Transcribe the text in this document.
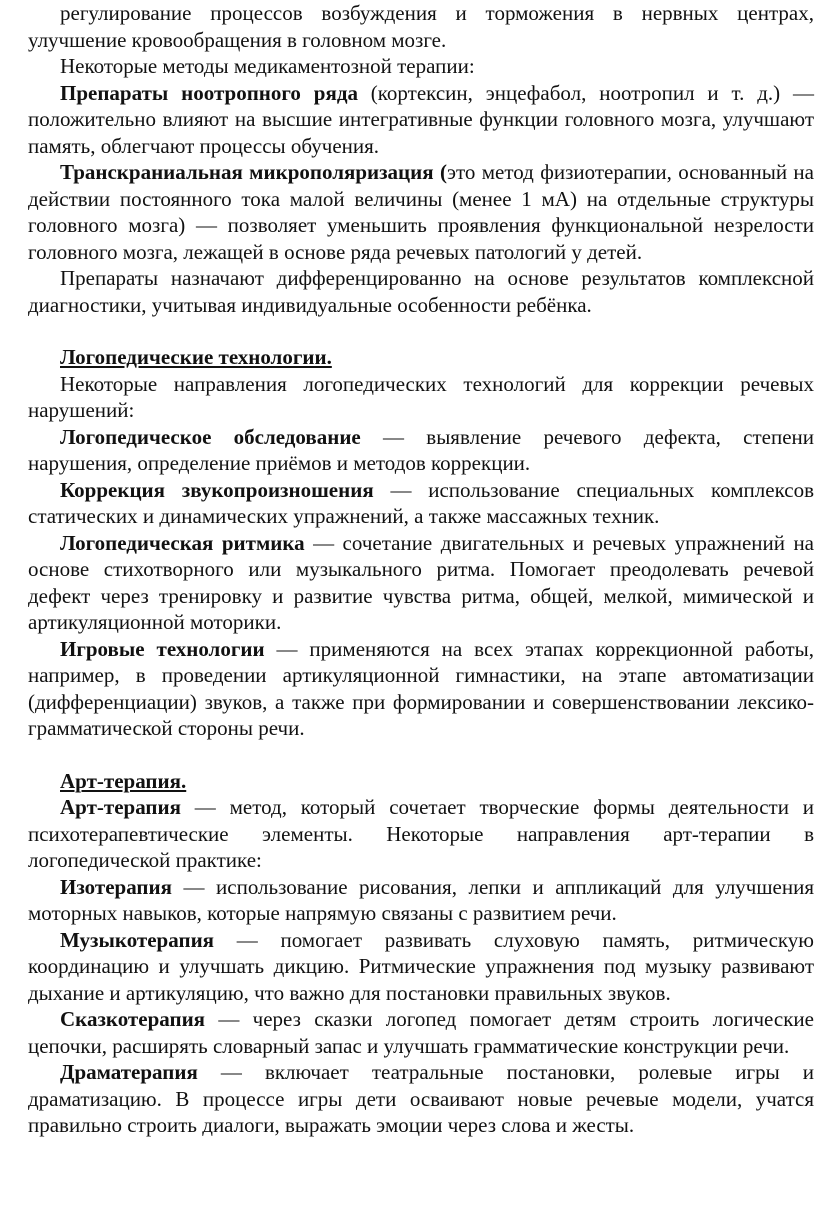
регулирование процессов возбуждения и торможения в нервных центрах, улучшение кровообращения в головном мозге.

Некоторые методы медикаментозной терапии:

Препараты ноотропного ряда (кортексин, энцефабол, ноотропил и т. д.) — положительно влияют на высшие интегративные функции головного мозга, улучшают память, облегчают процессы обучения.

Транскраниальная микрополяризация (это метод физиотерапии, основанный на действии постоянного тока малой величины (менее 1 мА) на отдельные структуры головного мозга) — позволяет уменьшить проявления функциональной незрелости головного мозга, лежащей в основе ряда речевых патологий у детей.

Препараты назначают дифференцированно на основе результатов комплексной диагностики, учитывая индивидуальные особенности ребёнка.

Логопедические технологии.

Некоторые направления логопедических технологий для коррекции речевых нарушений:

Логопедическое обследование — выявление речевого дефекта, степени нарушения, определение приёмов и методов коррекции.

Коррекция звукопроизношения — использование специальных комплексов статических и динамических упражнений, а также массажных техник.

Логопедическая ритмика — сочетание двигательных и речевых упражнений на основе стихотворного или музыкального ритма. Помогает преодолевать речевой дефект через тренировку и развитие чувства ритма, общей, мелкой, мимической и артикуляционной моторики.

Игровые технологии — применяются на всех этапах коррекционной работы, например, в проведении артикуляционной гимнастики, на этапе автоматизации (дифференциации) звуков, а также при формировании и совершенствовании лексико-грамматической стороны речи.

Арт-терапия.

Арт-терапия — метод, который сочетает творческие формы деятельности и психотерапевтические элементы. Некоторые направления арт-терапии в логопедической практике:

Изотерапия — использование рисования, лепки и аппликаций для улучшения моторных навыков, которые напрямую связаны с развитием речи.

Музыкотерапия — помогает развивать слуховую память, ритмическую координацию и улучшать дикцию. Ритмические упражнения под музыку развивают дыхание и артикуляцию, что важно для постановки правильных звуков.

Сказкотерапия — через сказки логопед помогает детям строить логические цепочки, расширять словарный запас и улучшать грамматические конструкции речи.

Драматерапия — включает театральные постановки, ролевые игры и драматизацию. В процессе игры дети осваивают новые речевые модели, учатся правильно строить диалоги, выражать эмоции через слова и жесты.
